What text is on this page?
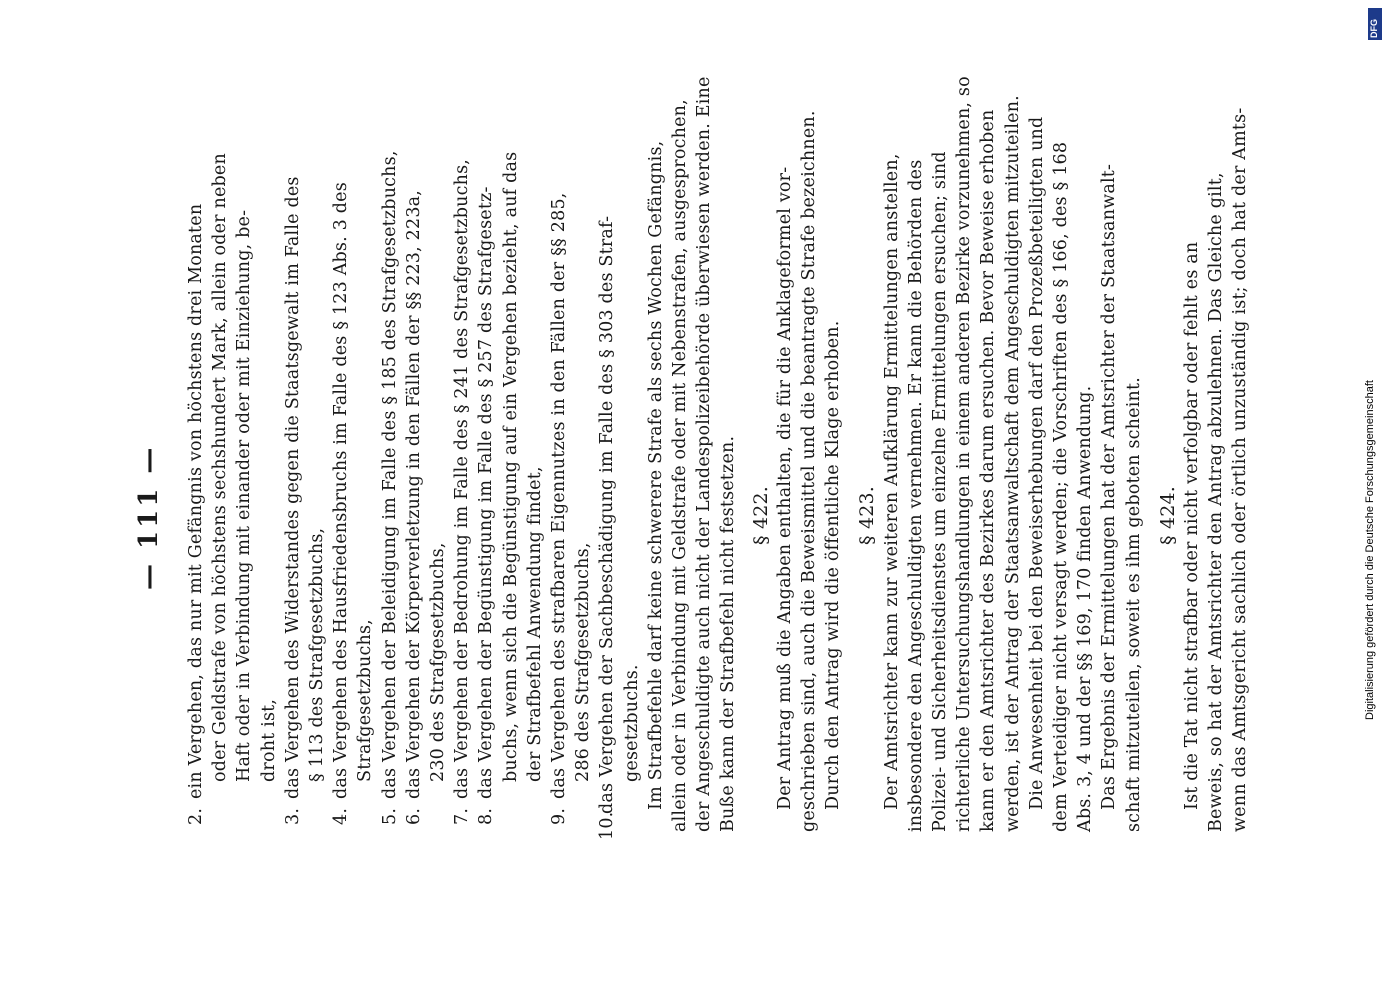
— 111 —
2.ein Vergehen, das nur mit Gefängnis von höchstens drei Monaten oder Geldstrafe von höchstens sechshundert Mark, allein oder neben Haft oder in Verbindung mit einander oder mit Einziehung, be- droht ist,
3.das Vergehen des Widerstandes gegen die Staatsgewalt im Falle des § 113 des Strafgesetzbuchs,
4.das Vergehen des Hausfriedensbruchs im Falle des § 123 Abs. 3 des Strafgesetzbuchs,
5.das Vergehen der Beleidigung im Falle des § 185 des Strafgesetzbuchs,
6.das Vergehen der Körperverletzung in den Fällen der §§ 223, 223a, 230 des Strafgesetzbuchs,
7.das Vergehen der Bedrohung im Falle des § 241 des Strafgesetzbuchs,
8.das Vergehen der Begünstigung im Falle des § 257 des Strafgesetz- buchs, wenn sich die Begünstigung auf ein Vergehen bezieht, auf das der Strafbefehl Anwendung findet,
9.das Vergehen des strafbaren Eigennutzes in den Fällen der §§ 285, 286 des Strafgesetzbuchs,
10.das Vergehen der Sachbeschädigung im Falle des § 303 des Straf- gesetzbuchs. Im Strafbefehle darf keine schwerere Strafe als sechs Wochen Gefängnis, allein oder in Verbindung mit Geldstrafe oder mit Nebenstrafen, ausgesprochen, der Angeschuldigte auch nicht der Landespolizeibehörde überwiesen werden. Eine Buße kann der Strafbefehl nicht festsetzen. § 422. Der Antrag muß die Angaben enthalten, die für die Anklageformel vor- geschrieben sind, auch die Beweismittel und die beantragte Strafe bezeichnen. Durch den Antrag wird die öffentliche Klage erhoben. § 423. Der Amtsrichter kann zur weiteren Aufklärung Ermittelungen anstellen, insbesondere den Angeschuldigten vernehmen. Er kann die Behörden des Polizei- und Sicherheitsdienstes um einzelne Ermittelungen ersuchen; sind richterliche Untersuchungshandlungen in einem anderen Bezirke vorzunehmen, so kann er den Amtsrichter des Bezirkes darum ersuchen. Bevor Beweise erhoben werden, ist der Antrag der Staatsanwaltschaft dem Angeschuldigten mitzuteilen. Die Anwesenheit bei den Beweiserhebungen darf den Prozeßbeteiligten und dem Verteidiger nicht versagt werden; die Vorschriften des § 166, des § 168 Abs. 3, 4 und der §§ 169, 170 finden Anwendung. Das Ergebnis der Ermittelungen hat der Amtsrichter der Staatsanwalt- schaft mitzuteilen, soweit es ihm geboten scheint. § 424. Ist die Tat nicht strafbar oder nicht verfolgbar oder fehlt es an Beweis, so hat der Amtsrichter den Antrag abzulehnen. Das Gleiche gilt, wenn das Amtsgericht sachlich oder örtlich unzuständig ist; doch hat der Amts-	Digitalisierung gefördert durch die Deutsche Forschungsgemeinschaft
DFG
